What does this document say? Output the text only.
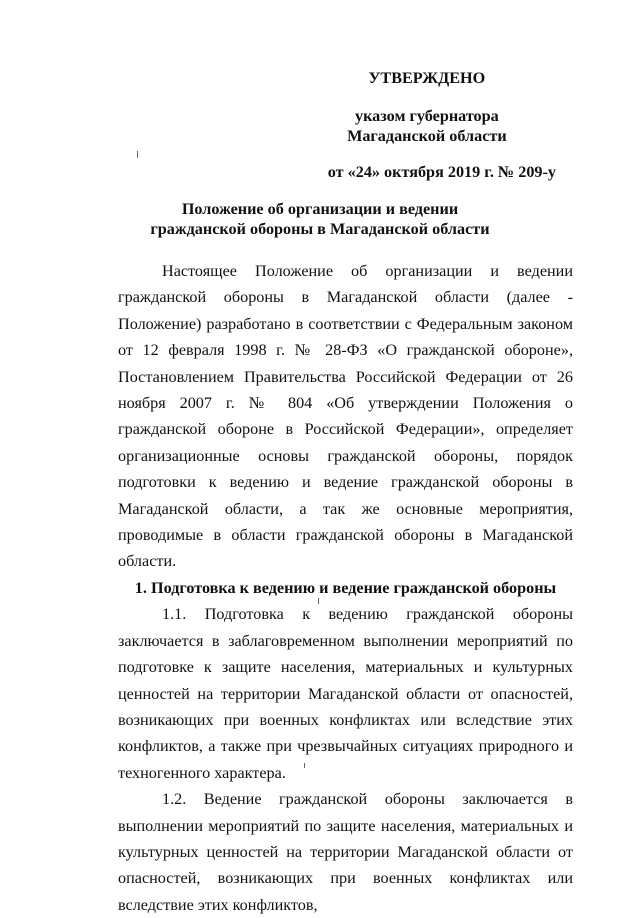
УТВЕРЖДЕНО
указом губернатора
Магаданской области
от «24» октября 2019 г. № 209-у
Положение об организации и ведении
гражданской обороны в Магаданской области

Настоящее Положение об организации и ведении гражданской обороны в Магаданской области (далее - Положение) разработано в соответствии с Федеральным законом от 12 февраля 1998 г. № 28-ФЗ «О гражданской обороне», Постановлением Правительства Российской Федерации от 26 ноября 2007 г. № 804 «Об утверждении Положения о гражданской обороне в Российской Федерации», определяет организационные основы гражданской обороны, порядок подготовки к ведению и ведение гражданской обороны в Магаданской области, а так же основные мероприятия, проводимые в области гражданской обороны в Магаданской области.

1. Подготовка к ведению и ведение гражданской обороны

1.1. Подготовка к ведению гражданской обороны заключается в заблаговременном выполнении мероприятий по подготовке к защите населения, материальных и культурных ценностей на территории Магаданской области от опасностей, возникающих при военных конфликтах или вследствие этих конфликтов, а также при чрезвычайных ситуациях природного и техногенного характера.

1.2. Ведение гражданской обороны заключается в выполнении мероприятий по защите населения, материальных и культурных ценностей на территории Магаданской области от опасностей, возникающих при военных конфликтах или вследствие этих конфликтов,
